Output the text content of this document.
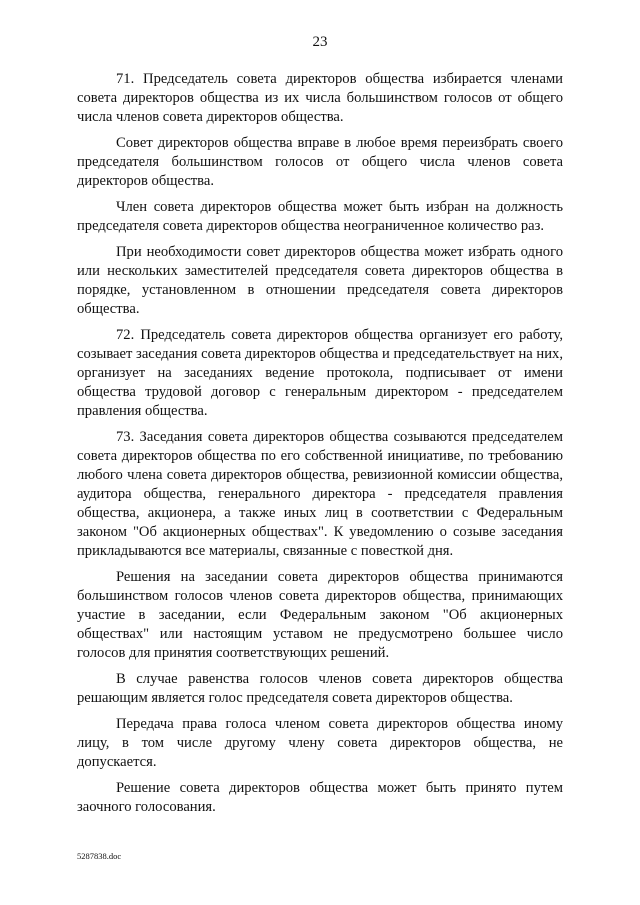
23

71. Председатель совета директоров общества избирается членами совета директоров общества из их числа большинством голосов от общего числа членов совета директоров общества.

Совет директоров общества вправе в любое время переизбрать своего председателя большинством голосов от общего числа членов совета директоров общества.

Член совета директоров общества может быть избран на должность председателя совета директоров общества неограниченное количество раз.

При необходимости совет директоров общества может избрать одного или нескольких заместителей председателя совета директоров общества в порядке, установленном в отношении председателя совета директоров общества.

72. Председатель совета директоров общества организует его работу, созывает заседания совета директоров общества и председательствует на них, организует на заседаниях ведение протокола, подписывает от имени общества трудовой договор с генеральным директором - председателем правления общества.

73. Заседания совета директоров общества созываются председателем совета директоров общества по его собственной инициативе, по требованию любого члена совета директоров общества, ревизионной комиссии общества, аудитора общества, генерального директора - председателя правления общества, акционера, а также иных лиц в соответствии с Федеральным законом "Об акционерных обществах". К уведомлению о созыве заседания прикладываются все материалы, связанные с повесткой дня.

Решения на заседании совета директоров общества принимаются большинством голосов членов совета директоров общества, принимающих участие в заседании, если Федеральным законом "Об акционерных обществах" или настоящим уставом не предусмотрено большее число голосов для принятия соответствующих решений.

В случае равенства голосов членов совета директоров общества решающим является голос председателя совета директоров общества.

Передача права голоса членом совета директоров общества иному лицу, в том числе другому члену совета директоров общества, не допускается.

Решение совета директоров общества может быть принято путем заочного голосования.

5287838.doc
